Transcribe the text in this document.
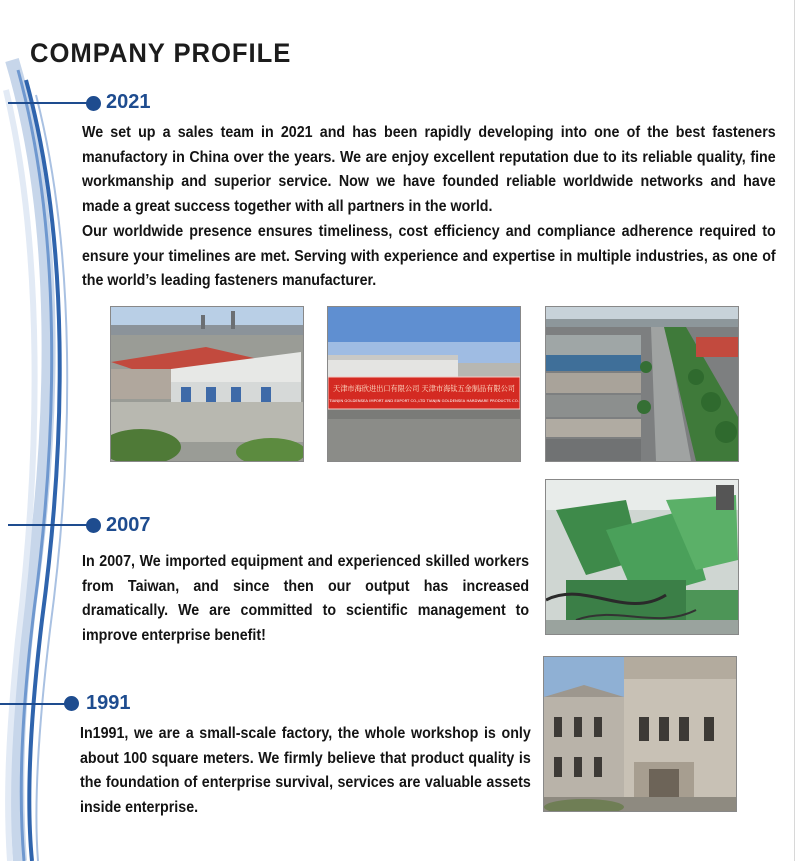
COMPANY PROFILE
2021

We set up a sales team in 2021 and has been rapidly developing into one of the best fasteners manufactory in China over the years. We are enjoy excellent reputation due to its reliable quality, fine workmanship and superior service. Now we have founded reliable worldwide networks and have made a great success together with all partners in the world.

Our worldwide presence ensures timeliness, cost efficiency and compliance adherence required to ensure your timelines are met. Serving with experience and expertise in multiple industries, as one of the world’s leading fasteners manufacturer.

天津市海欣进出口有限公司 天津市海钛五金制品有限公司
TIANJIN GOLDENSEA IMPORT AND EXPORT CO.,LTD TIANJIN GOLDENSEA HARDWARE PRODUCTS CO.
2007

In 2007, We imported equipment and experienced skilled workers from Taiwan, and since then our output has increased dramatically. We are committed to scientific management to improve enterprise benefit!

1991

In1991, we are a small-scale factory, the whole workshop is only about 100 square meters. We firmly believe that product quality is the foundation of enterprise survival, services are valuable assets inside enterprise.
